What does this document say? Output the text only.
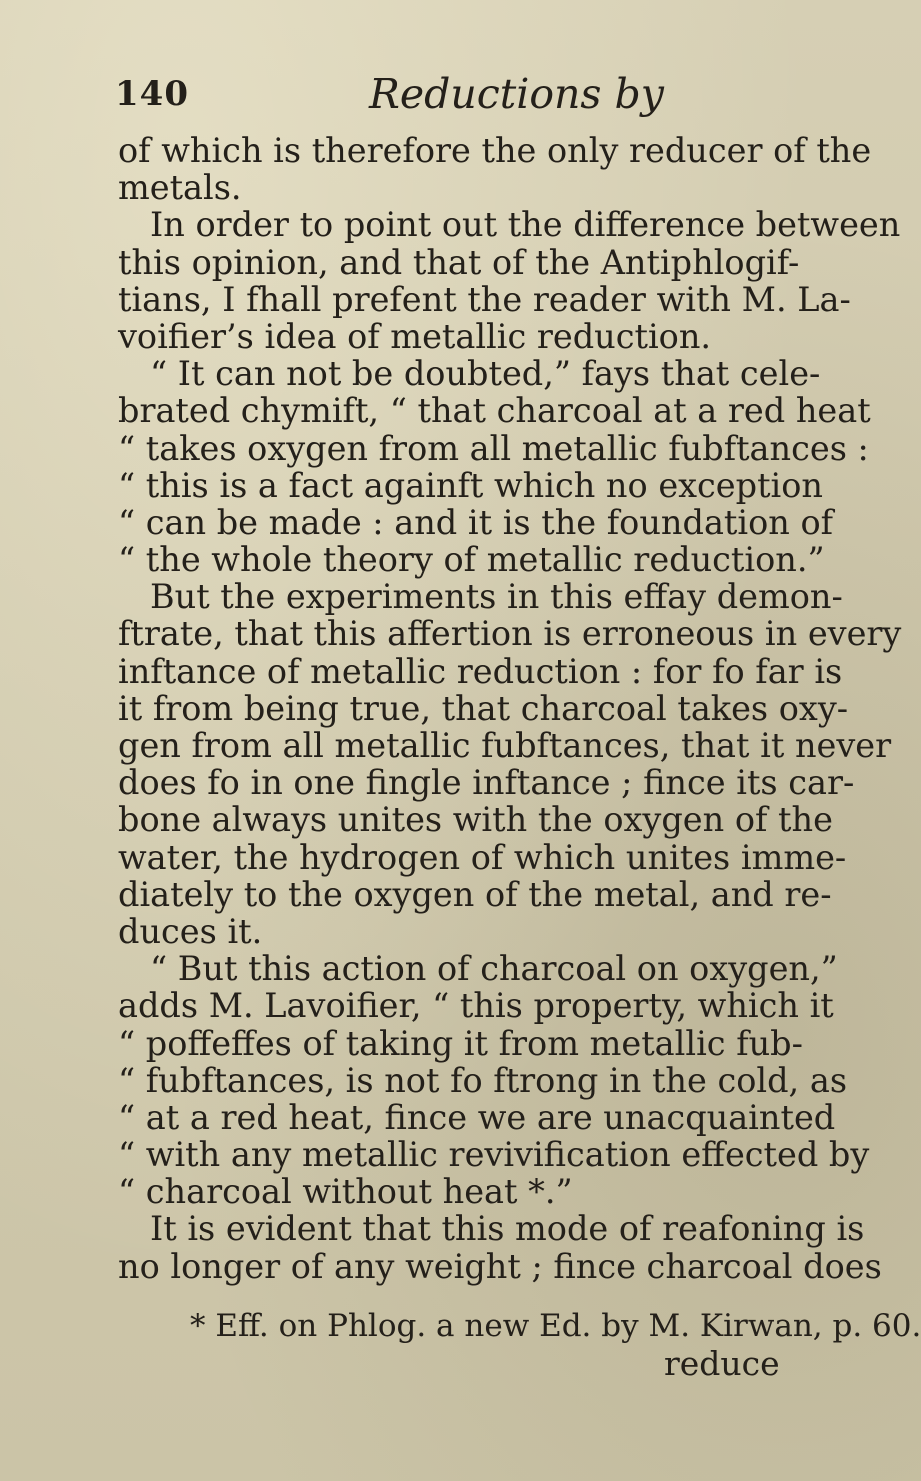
140	Reductions by
of which is therefore the only reducer of the
metals.
In order to point out the difference between
this opinion, and that of the Antiphlogif-
tians, I fhall prefent the reader with M. La-
voifier’s idea of metallic reduction.
“ It can not be doubted,” fays that cele-
brated chymift, “ that charcoal at a red heat
“ takes oxygen from all metallic fubftances :
“ this is a fact againft which no exception
“ can be made : and it is the foundation of
“ the whole theory of metallic reduction.”
But the experiments in this effay demon-
ftrate, that this affertion is erroneous in every
inftance of metallic reduction : for fo far is
it from being true, that charcoal takes oxy-
gen from all metallic fubftances, that it never
does fo in one fingle inftance ; fince its car-
bone always unites with the oxygen of the
water, the hydrogen of which unites imme-
diately to the oxygen of the metal, and re-
duces it.
“ But this action of charcoal on oxygen,”
adds M. Lavoifier, “ this property, which it
“ poffeffes of taking it from metallic fub-
“ fubftances, is not fo ftrong in the cold, as
“ at a red heat, fince we are unacquainted
“ with any metallic revivification effected by
“ charcoal without heat *.”
It is evident that this mode of reafoning is
no longer of any weight ; fince charcoal does
* Eff. on Phlog. a new Ed. by M. Kirwan, p. 60.
reduce
